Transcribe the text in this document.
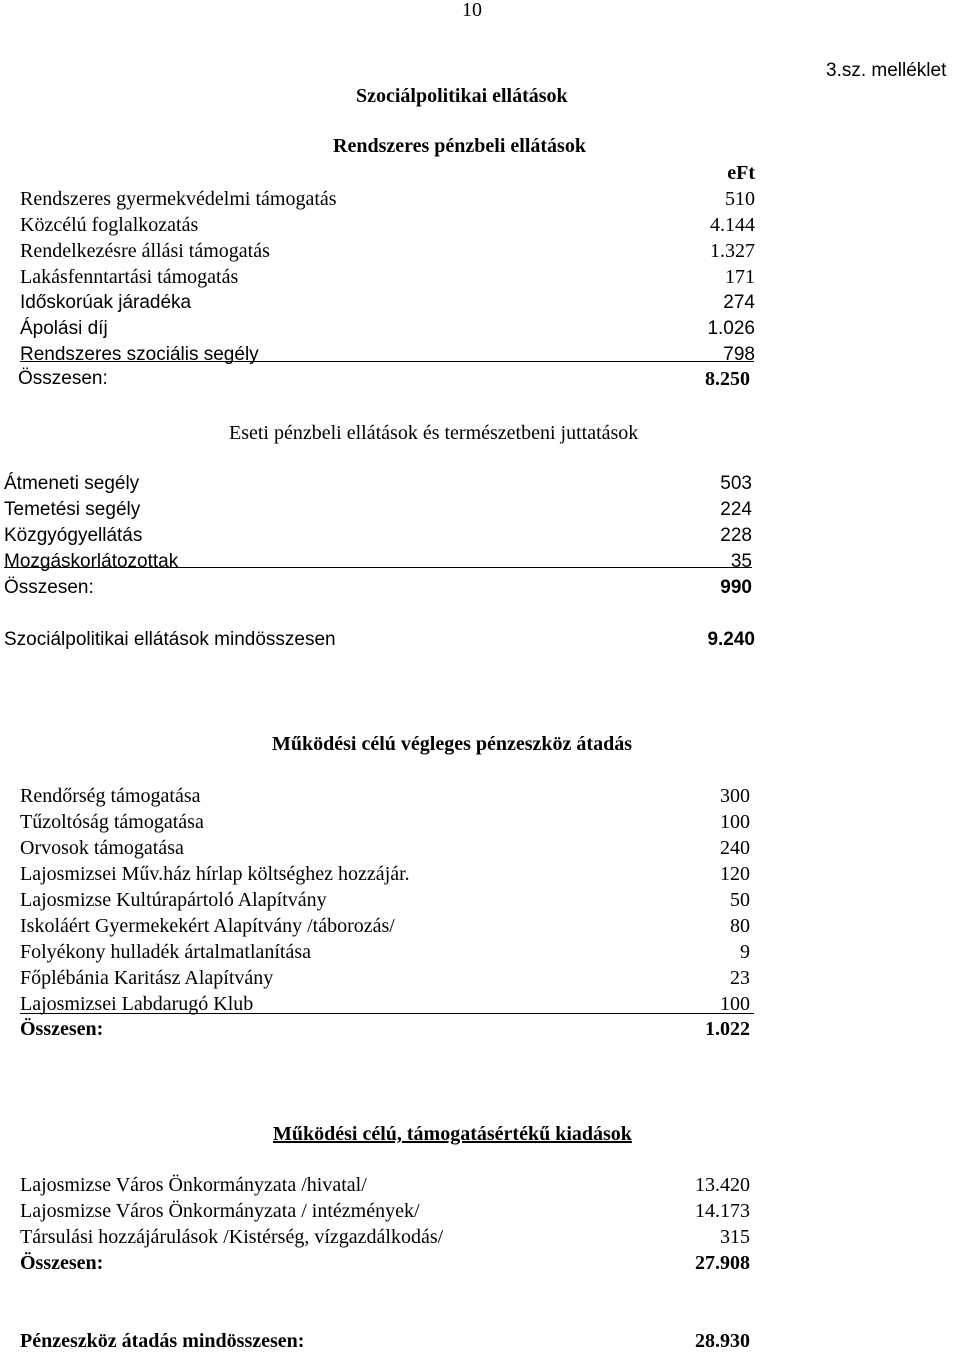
10
3.sz. melléklet
Szociálpolitikai ellátások
Rendszeres pénzbeli ellátások
eFt
Rendszeres gyermekvédelmi támogatás	510
Közcélú foglalkozatás	4.144
Rendelkezésre állási támogatás	1.327
Lakásfenntartási támogatás	171
Időskorúak járadéka	274
Ápolási díj	1.026
Rendszeres szociális segély	798
Összesen:	8.250
Eseti pénzbeli ellátások és természetbeni juttatások
Átmeneti segély	503
Temetési segély	224
Közgyógyellátás	228
Mozgáskorlátozottak	35
Összesen:	990
Szociálpolitikai ellátások mindösszesen	9.240
Működési célú végleges pénzeszköz átadás
Rendőrség támogatása	300
Tűzoltóság támogatása	100
Orvosok támogatása	240
Lajosmizsei Műv.ház hírlap költséghez hozzájár.	120
Lajosmizse Kultúrapártoló Alapítvány	50
Iskoláért Gyermekekért Alapítvány /táborozás/	80
Folyékony hulladék ártalmatlanítása	9
Főplébánia Karitász Alapítvány	23
Lajosmizsei Labdarugó Klub	100
Összesen:	1.022
Működési célú, támogatásértékű kiadások
Lajosmizse Város Önkormányzata /hivatal/	13.420
Lajosmizse Város Önkormányzata / intézmények/	14.173
Társulási hozzájárulások /Kistérség, vízgazdálkodás/	315
Összesen:	27.908
Pénzeszköz átadás mindösszesen:	28.930
